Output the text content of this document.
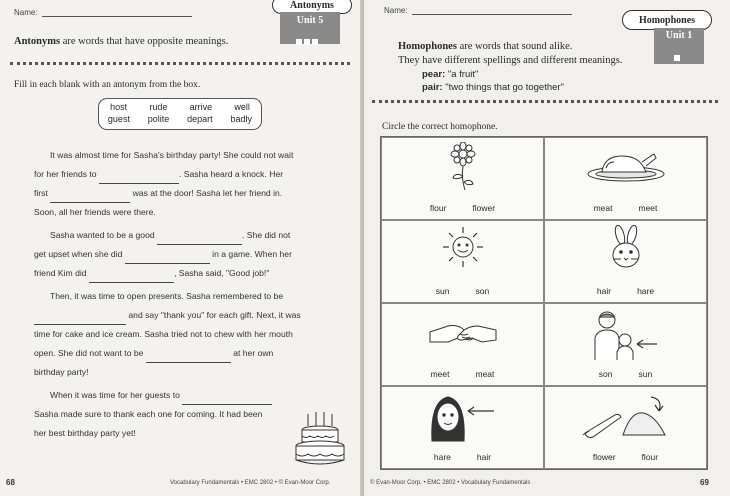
Name:
Antonyms
Unit 5
Antonyms are words that have opposite meanings.
Fill in each blank with an antonym from the box.
host rude arrive well
guest polite depart badly
It was almost time for Sasha's birthday party! She could not wait
for her friends to	. Sasha heard a knock. Her
first	was at the door! Sasha let her friend in.
Soon, all her friends were there.
Sasha wanted to be a good	. She did not
get upset when she did	in a game. When her
friend Kim did	, Sasha said, "Good job!"
Then, it was time to open presents. Sasha remembered to be
and say "thank you" for each gift. Next, it was
time for cake and ice cream. Sasha tried not to chew with her mouth
open. She did not want to be	at her own
birthday party!
When it was time for her guests to
Sasha made sure to thank each one for coming. It had been
her best birthday party yet!
68	Vocabulary Fundamentals • EMC 2802 • © Evan-Moor Corp.
Name:
Homophones
Unit 1
Homophones are words that sound alike.
They have different spellings and different meanings.
pear: "a fruit"
pair: "two things that go together"
Circle the correct homophone.
69
© Evan-Moor Corp. • EMC 2802 • Vocabulary Fundamentals
flour	flower	meat	meet
sun	son	hair	hare
meet	meat	son	sun
hare	hair	flower	flour
